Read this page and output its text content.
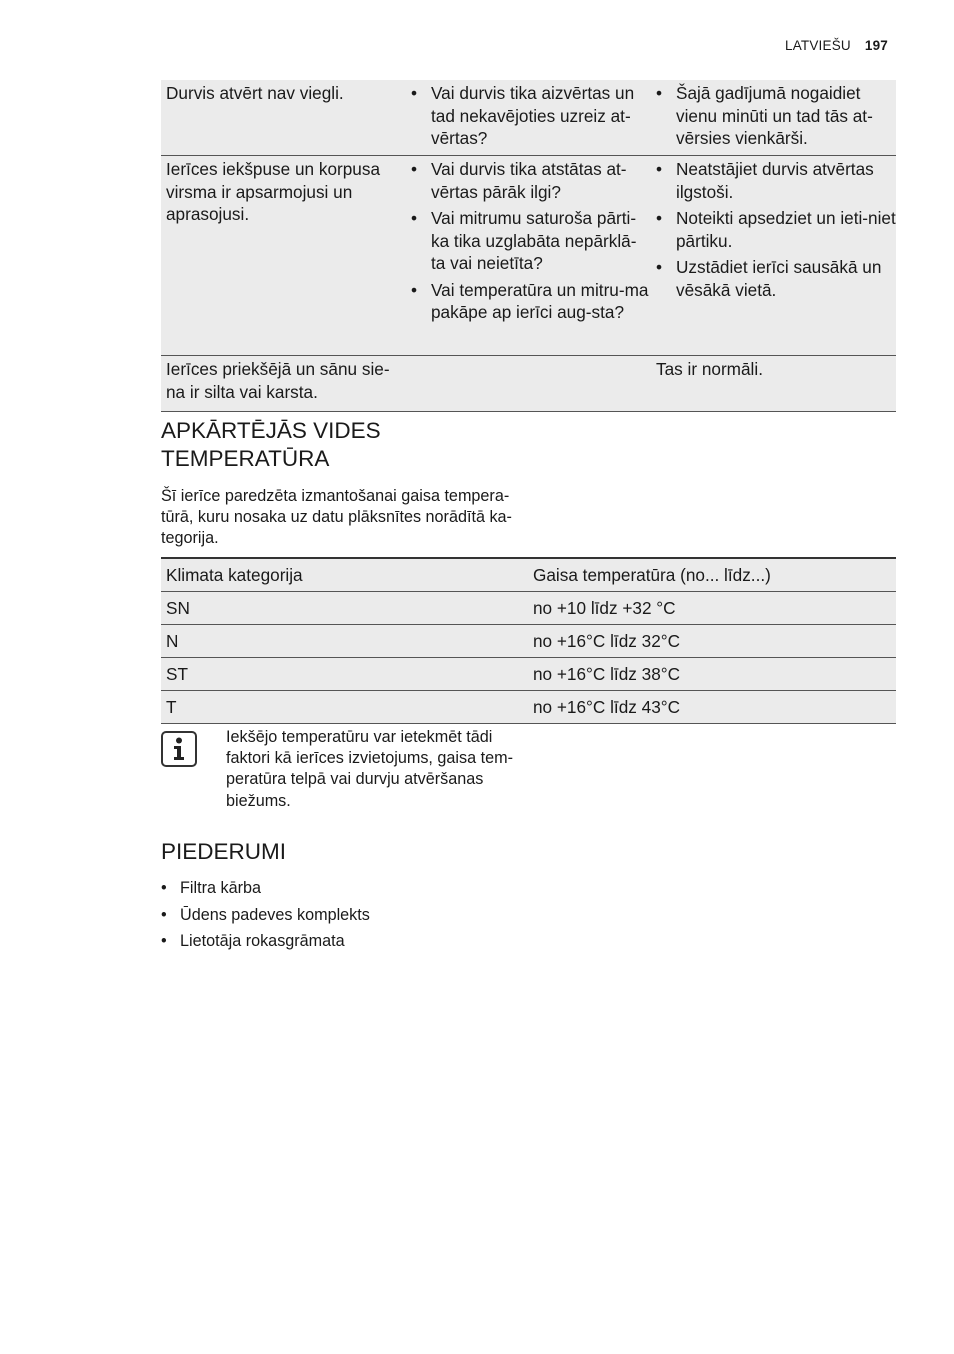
LATVIEŠU 197
Durvis atvērt nav viegli.
•	Vai durvis tika aizvērtas un tad nekavējoties uzreiz at-vērtas?
• Šajā gadījumā nogaidiet vienu minūti un tad tās at-vērsies vienkārši.
Ierīces iekšpuse un korpusa virsma ir apsarmojusi un aprasojusi.
• Vai durvis tika atstātas at-vērtas pārāk ilgi?
• Vai mitrumu saturoša pārti-ka tika uzglabāta nepārklā-ta vai neietīta?
• Vai temperatūra un mitru-ma pakāpe ap ierīci aug-sta?
• Neatstājiet durvis atvērtas ilgstoši.
• Noteikti apsedziet un ieti-niet pārtiku.
• Uzstādiet ierīci sausākā un vēsākā vietā.
Ierīces priekšējā un sānu sie-na ir silta vai karsta.
Tas ir normāli.
APKĀRTĒJĀS VIDES
TEMPERATŪRA

Šī ierīce paredzēta izmantošanai gaisa tempera-tūrā, kuru nosaka uz datu plāksnītes norādītā ka-tegorija.

Klimata kategorija	Gaisa temperatūra (no... līdz...)
SN	no +10 līdz +32 °C
N	no +16°C līdz 32°C
ST	no +16°C līdz 38°C
T	no +16°C līdz 43°C
Iekšējo temperatūru var ietekmēt tādi faktori kā ierīces izvietojums, gaisa tem-peratūra telpā vai durvju atvēršanas biežums.
PIEDERUMI
• Filtra kārba
• Ūdens padeves komplekts
• Lietotāja rokasgrāmata
